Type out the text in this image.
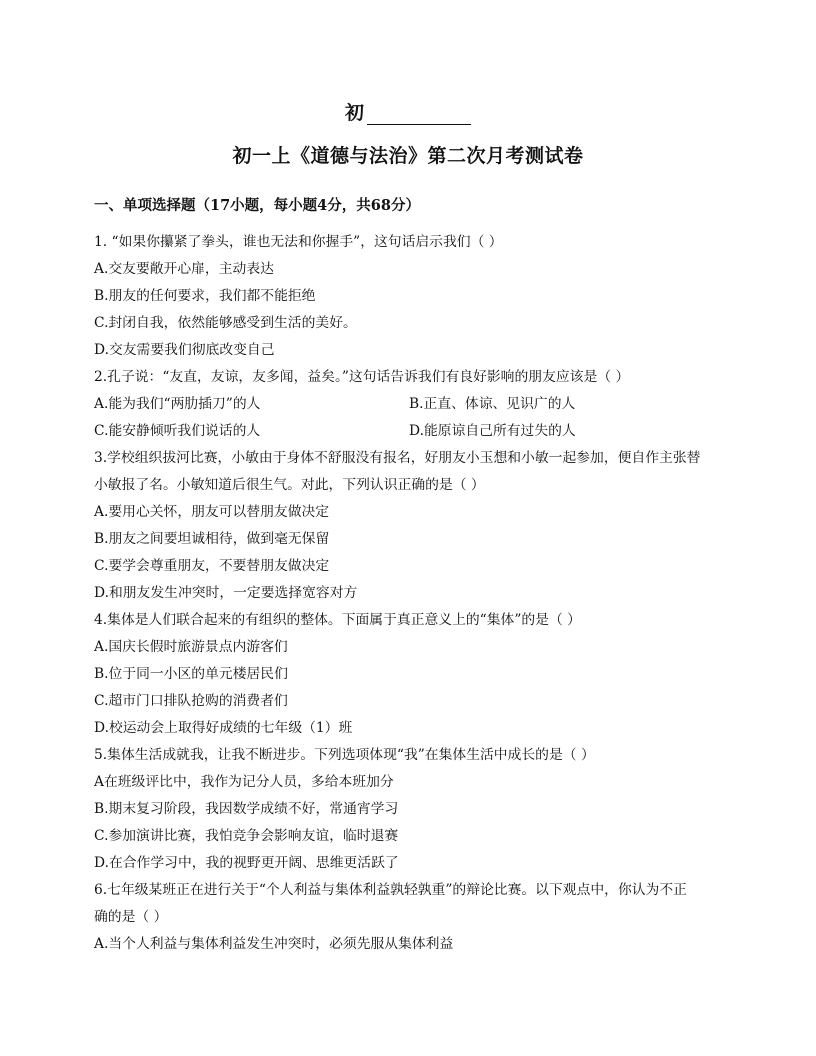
初
初一上《道德与法治》第二次月考测试卷
一、单项选择题（17小题，每小题4分，共68分）
1. “如果你攥紧了拳头，谁也无法和你握手”，这句话启示我们（ ）
A.交友要敞开心扉，主动表达
B.朋友的任何要求，我们都不能拒绝
C.封闭自我，依然能够感受到生活的美好。
D.交友需要我们彻底改变自己
2.孔子说：“友直，友谅，友多闻，益矣。”这句话告诉我们有良好影响的朋友应该是（ ）
A.能为我们“两肋插刀”的人	B.正直、体谅、见识广的人
C.能安静倾听我们说话的人	D.能原谅自己所有过失的人
3.学校组织拔河比赛，小敏由于身体不舒服没有报名，好朋友小玉想和小敏一起参加，便自作主张替
小敏报了名。小敏知道后很生气。对此，下列认识正确的是（ ）
A.要用心关怀，朋友可以替朋友做决定
B.朋友之间要坦诚相待，做到毫无保留
C.要学会尊重朋友，不要替朋友做决定
D.和朋友发生冲突时，一定要选择宽容对方
4.集体是人们联合起来的有组织的整体。下面属于真正意义上的“集体”的是（ ）
A.国庆长假时旅游景点内游客们
B.位于同一小区的单元楼居民们
C.超市门口排队抢购的消费者们
D.校运动会上取得好成绩的七年级（1）班
5.集体生活成就我，让我不断进步。下列选项体现“我”在集体生活中成长的是（ ）
A在班级评比中，我作为记分人员，多给本班加分
B.期末复习阶段，我因数学成绩不好，常通宵学习
C.参加演讲比赛，我怕竞争会影响友谊，临时退赛
D.在合作学习中，我的视野更开阔、思维更活跃了
6.七年级某班正在进行关于“个人利益与集体利益孰轻孰重”的辩论比赛。以下观点中，你认为不正
确的是（ ）
A.当个人利益与集体利益发生冲突时，必须先服从集体利益
